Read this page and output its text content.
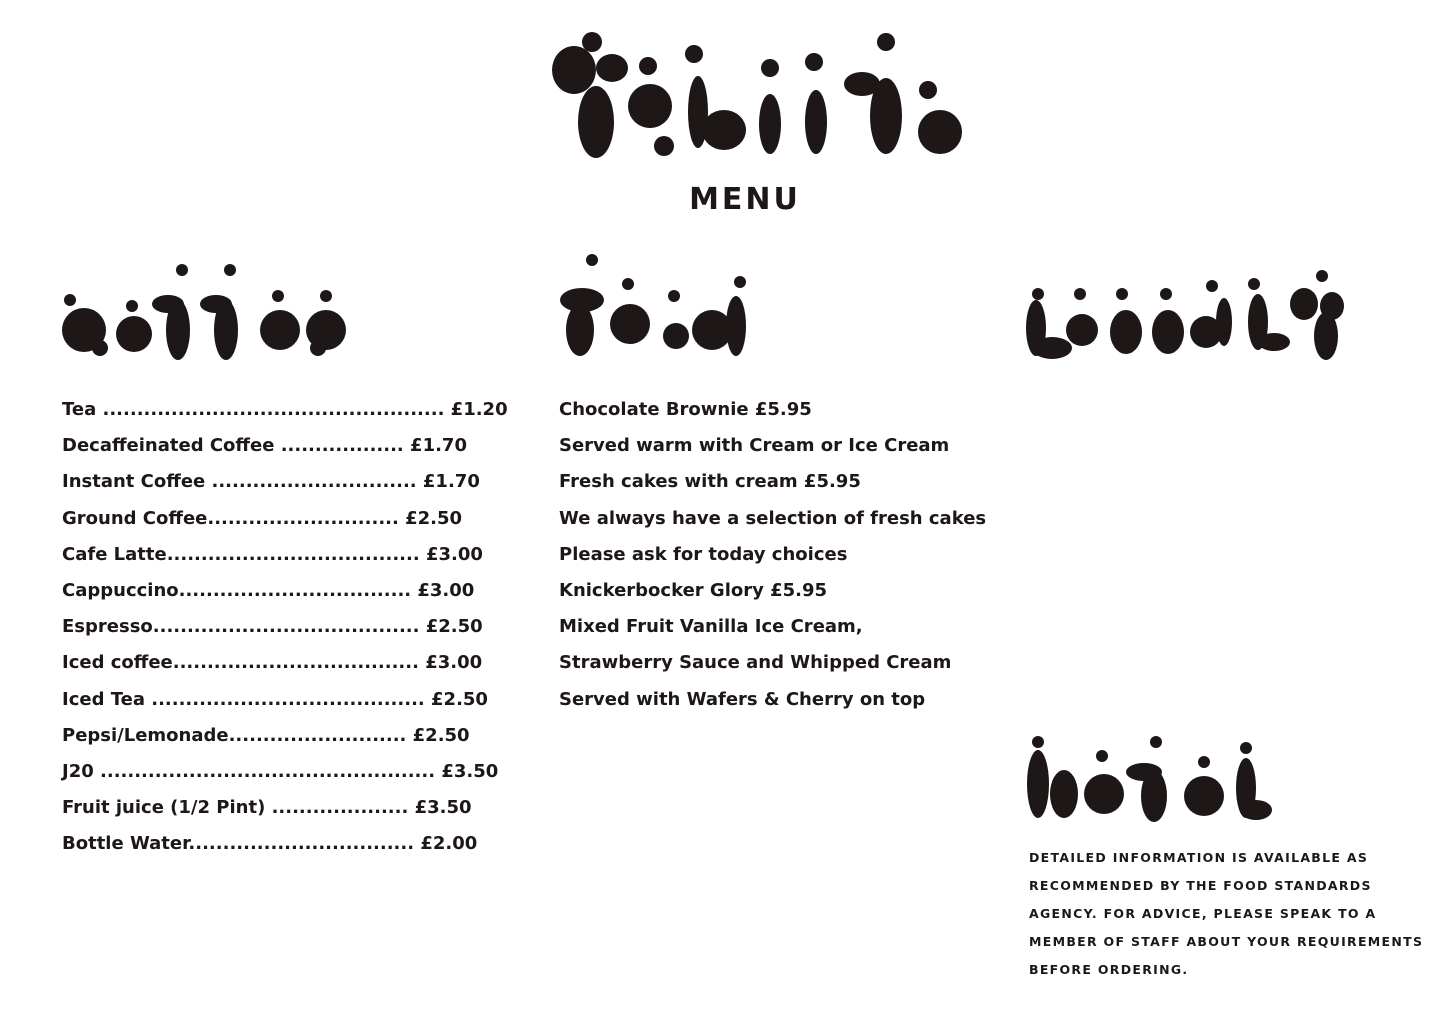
MENU
Tea .................................................. £1.20
Decaffeinated Coffee .................. £1.70
Instant Coffee .............................. £1.70
Ground Coffee............................ £2.50
Cafe Latte..................................... £3.00
Cappuccino.................................. £3.00
Espresso....................................... £2.50
Iced coffee.................................... £3.00
Iced Tea ........................................ £2.50
Pepsi/Lemonade.......................... £2.50
J20 ................................................. £3.50
Fruit juice (1/2 Pint) .................... £3.50
Bottle Water................................. £2.00
Chocolate Brownie £5.95
Served warm with Cream or Ice Cream
Fresh cakes with cream £5.95
We always have a selection of fresh cakes
Please ask for today choices
Knickerbocker Glory £5.95
Mixed Fruit Vanilla Ice Cream,
Strawberry Sauce and Whipped Cream
Served with Wafers & Cherry on top

DETAILED INFORMATION IS AVAILABLE AS RECOMMENDED BY THE FOOD STANDARDS AGENCY. FOR ADVICE, PLEASE SPEAK TO A MEMBER OF STAFF ABOUT YOUR REQUIREMENTS BEFORE ORDERING.
